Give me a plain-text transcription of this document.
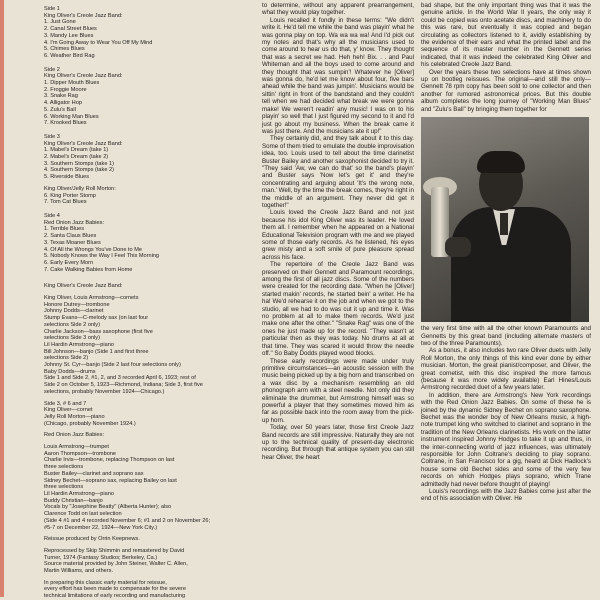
Side 1
King Oliver's Creole Jazz Band:
1. Just Gone
2. Canal Street Blues
3. Mandy Lee Blues
4. I'm Going Away to Wear You Off My Mind
5. Chimes Blues
6. Weather Bird Rag
Side 2
King Oliver's Creole Jazz Band:
1. Dipper Mouth Blues
2. Froggie Moore
3. Snake Rag
4. Alligator Hop
5. Zulu's Ball
6. Working Man Blues
7. Krooked Blues
Side 3
King Oliver's Creole Jazz Band:
1. Mabel's Dream (take 1)
2. Mabel's Dream (take 2)
3. Southern Stomps (take 1)
4. Southern Stomps (take 2)
5. Riverside Blues
King Oliver/Jelly Roll Morton:
6. King Porter Stomp
7. Tom Cat Blues
Side 4
Red Onion Jazz Babies:
1. Terrible Blues
2. Santa Claus Blues
3. Texas Moaner Blues
4. Of All the Wrongs You've Done to Me
5. Nobody Knows the Way I Feel This Morning
6. Early Every Morn
7. Cake Walking Babies from Home
King Oliver's Creole Jazz Band:
King Oliver, Louis Armstrong—cornets
Honore Dutrey—trombone
Johnny Dodds—clarinet
Stump Evans—C-melody sax (on last four
selections Side 2 only)
Charlie Jackson—bass saxophone (first five
selections Side 3 only)
Lil Hardin Armstrong—piano
Bill Johnson—banjo (Side 1 and first three
selections Side 2)
Johnny St. Cyr—banjo (Side 2 last four selections only)
Baby Dodds—drums
Side 1 and Side 2, #1, 2, and 3 recorded April 6, 1923; rest of
Side 2 on October 5, 1923—Richmond, Indiana; Side 3, first five
selections, probably November 1924—Chicago.)
Side 3, # 6 and 7
King Oliver—cornet
Jelly Roll Morton—piano
(Chicago, probably November 1924.)
Red Onion Jazz Babies:
Louis Armstrong—trumpet
Aaron Thompson—trombone
Charlie Irvis—trombone, replacing Thompson on last
three selections
Buster Bailey—clarinet and soprano sax
Sidney Bechet—soprano sax, replacing Bailey on last
three selections
Lil Hardin Armstrong—piano
Buddy Christian—banjo
Vocals by "Josephine Beatty" (Alberta Hunter); also
Clarence Todd on last selection
(Side 4 #1 and 4 recorded November 6; #1 and 2 on November 26;
#5-7 on December 22, 1924—New York City.)
Reissue produced by Orrin Keepnews.
Reprocessed by Skip Shimmin and remastered by David
Turner, 1974 (Fantasy Studios; Berkeley, Ca.)
Source material provided by John Steiner, Walter C. Allen,
Martin Williams, and others.
In preparing this classic early material for reissue,
every effort has been made to compensate for the severe
technical limitations of early recording and manufacturing

to determine, without any apparent prearrangement, what they would play together.

Louis recalled it fondly in these terms: "We didn't write it. He'd tell me while the band was playin' what he was gonna play on top. Wa wa wa wa! And I'd pick out my notes and that's why all the musicians used to come around to hear us do that, y' know. They thought that was a secret we had. Heh heh! Bix. . . and Paul Whiteman and all the boys used to come around and they thought that was sumpin'! Whatever he [Oliver] was gonna do, he'd let me know about four, five bars ahead while the band was jumpin'. Musicians would be sittin' right in front of the bandstand and they couldn't tell when we had decided what break we were gonna make! We weren't readin' any music! I was on to his playin' so well that I just figured my second to it and I'd just go about my business. When the break came it was just there. And the musicians ate it up!"

They certainly did, and they talk about it to this day. Some of them tried to emulate the double improvisation idea, too. Louis used to tell about the time clarinetist Buster Bailey and another saxophonist decided to try it. "They said 'Aw, we can do that' so the band's playin' and Buster says 'Now let's get it' and they're concentrating and arguing about 'It's the wrong note, man.' Well, by the time the break comes, they're right in the middle of an argument. They never did get it together!"

Louis loved the Creole Jazz Band and not just because his idol King Oliver was its leader. He loved them all. I remember when he appeared on a National Educational Television program with me and we played some of those early records. As he listened, his eyes grew misty and a soft smile of pure pleasure spread across his face.

The repertoire of the Creole Jazz Band was preserved on their Gennett and Paramount recordings, among the first of all jazz discs. Some of the numbers were created for the recording date. "When he [Oliver] started makin' records, he started bein' a writer. He ha ha! We'd rehearse it on the job and when we got to the studio, all we had to do was cut it up and time it. Was no problem at all to make them records. We'd just make one after the other." "Snake Rag" was one of the ones he just made up for the record. "They wasn't at particular then as they was today. No drums at all at that time. They was scared it would throw the needle off." So Baby Dodds played wood blocks.

These early recordings were made under truly primitive circumstances—an acoustic session with the music being picked up by a big horn and transcribed on a wax disc by a mechanism resembling an old phonograph arm with a steel needle. Not only did they eliminate the drummer, but Armstrong himself was so powerful a player that they sometimes moved him as far as possible back into the room away from the pick-up horn.

Today, over 50 years later, those first Creole Jazz Band records are still impressive. Naturally they are not up to the technical quality of present-day electronic recording. But through that antique system you can still hear Oliver, the heart

bad shape, but the only important thing was that it was the genuine article. In the World War II years, the only way it could be copied was onto acetate discs, and machinery to do this was rare, but eventually it was copied and began circulating as collectors listened to it, avidly establishing by the evidence of their ears and what the printed label and the sequence of its master number in the Gennett series indicated, that it was indeed the celebrated King Oliver and his celebrated Creole Jazz Band.

Over the years these two selections have at times shown up on bootleg reissues. The original—and still the only—Gennett 78 rpm copy has been sold to one collector and then another for rumored astronomical prices. But this double album completes the long journey of "Working Man Blues" and "Zulu's Ball" by bringing them together for

the very first time with all the other known Paramounts and Gennetts by this great band (including alternate masters of two of the three Paramounts).

As a bonus, it also includes two rare Oliver duets with Jelly Roll Morton, the only things of this kind ever done by either musician. Morton, the great pianist/composer, and Oliver, the great cornetist, with this disc inspired the more famous (because it was more widely available) Earl Hines/Louis Armstrong recorded duet of a few years later.

In addition, there are Armstrong's New York recordings with the Red Onion Jazz Babies. On some of these he is joined by the dynamic Sidney Bechet on soprano saxophone. Bechet was the wonder boy of New Orleans music, a high-note trumpet king who switched to clarinet and soprano in the tradition of the New Orleans clarinetists. His work on the latter instrument inspired Johnny Hodges to take it up and thus, in the inter-connecting world of jazz influences, was ultimately responsible for John Coltrane's deciding to play soprano. Coltrane, in San Francisco for a gig, heard at Dick Hadlock's house some old Bechet sides and some of the very few records on which Hodges plays soprano, which Trane admittedly had never before thought of playing!

Louis's recordings with the Jazz Babies come just after the end of his association with Oliver. He
